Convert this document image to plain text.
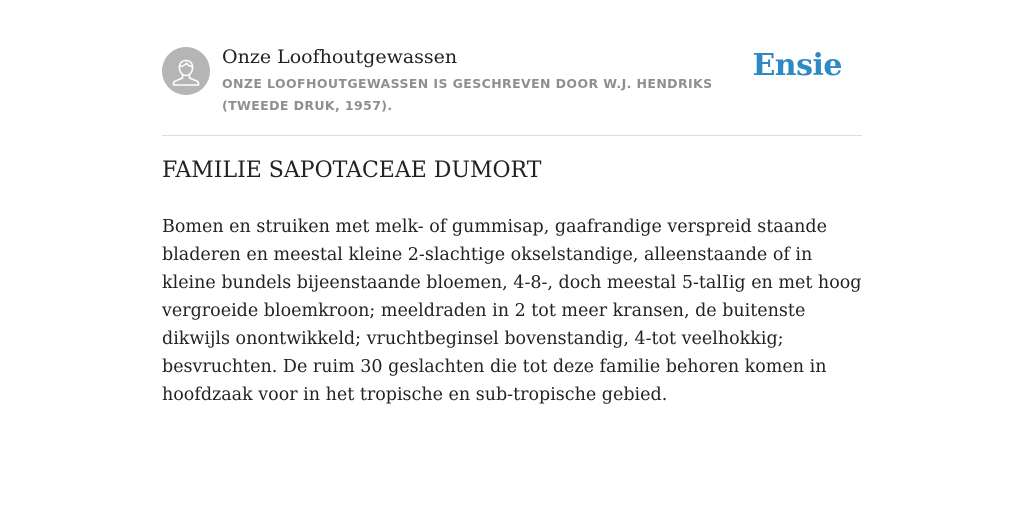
Onze Loofhoutgewassen
ONZE LOOFHOUTGEWASSEN IS GESCHREVEN DOOR W.J. HENDRIKS (TWEEDE DRUK, 1957).
Ensie
FAMILIE SAPOTACEAE DUMORT

Bomen en struiken met melk- of gummisap, gaafrandige verspreid staande bladeren en meestal kleine 2-slachtige okselstandige, alleenstaande of in kleine bundels bijeenstaande bloemen, 4-8-, doch meestal 5-talIig en met hoog vergroeide bloemkroon; meeldraden in 2 tot meer kransen, de buitenste dikwijls onontwikkeld; vruchtbeginsel bovenstandig, 4-tot veelhokkig; besvruchten. De ruim 30 geslachten die tot deze familie behoren komen in hoofdzaak voor in het tropische en sub-tropische gebied.
